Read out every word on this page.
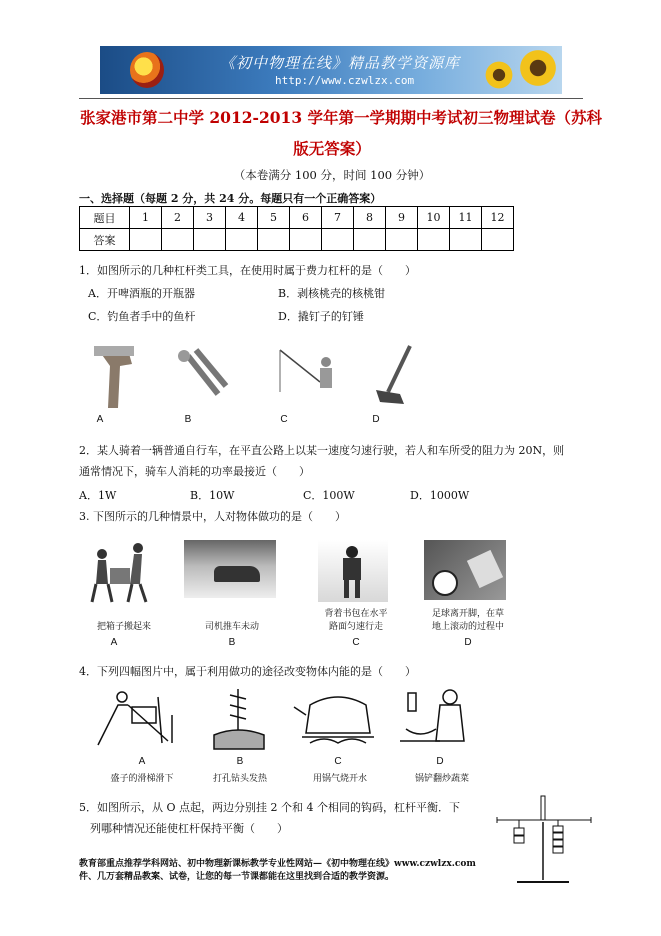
《初中物理在线》精品教学资源库
http://www.czwlzx.com
张家港市第二中学 2012-2013 学年第一学期期中考试初三物理试卷（苏科
版无答案）
（本卷满分 100 分，时间 100 分钟）
一、选择题（每题 2 分，共 24 分。每题只有一个正确答案）
题目	1	2	3	4	5	6	7	8	9	10	11	12
答案												
1．如图所示的几种杠杆类工具，在使用时属于费力杠杆的是（　　）
A．开啤酒瓶的开瓶器	B．剥核桃壳的核桃钳
C．钓鱼者手中的鱼杆	D．撬钉子的钉锤
A	B	C	D
2．某人骑着一辆普通自行车，在平直公路上以某一速度匀速行驶，若人和车所受的阻力为 20N，则
通常情况下，骑车人消耗的功率最接近（　　）
A．1W	B．10W	C．100W	D．1000W
3. 下图所示的几种情景中，人对物体做功的是（　　）
把箱子搬起来	司机推车未动
背着书包在水平
路面匀速行走
足球离开脚，在草
地上滚动的过程中
A	B	C	D
4．下列四幅图片中，属于利用做功的途径改变物体内能的是（　　）
A	B	C	D
盛子的滑梯滑下	打孔钻头发热	用锅气烧开水	锅铲翻炒蔬菜
5．如图所示，从 O 点起，两边分别挂 2 个和 4 个相同的钩码，杠杆平衡．下
列哪种情况还能使杠杆保持平衡（　　）
教育部重点推荐学科网站、初中物理新课标教学专业性网站—《初中物理在线》www.czwlzx.com
件、几万套精品教案、试卷，让您的每一节课都能在这里找到合适的教学资源。
